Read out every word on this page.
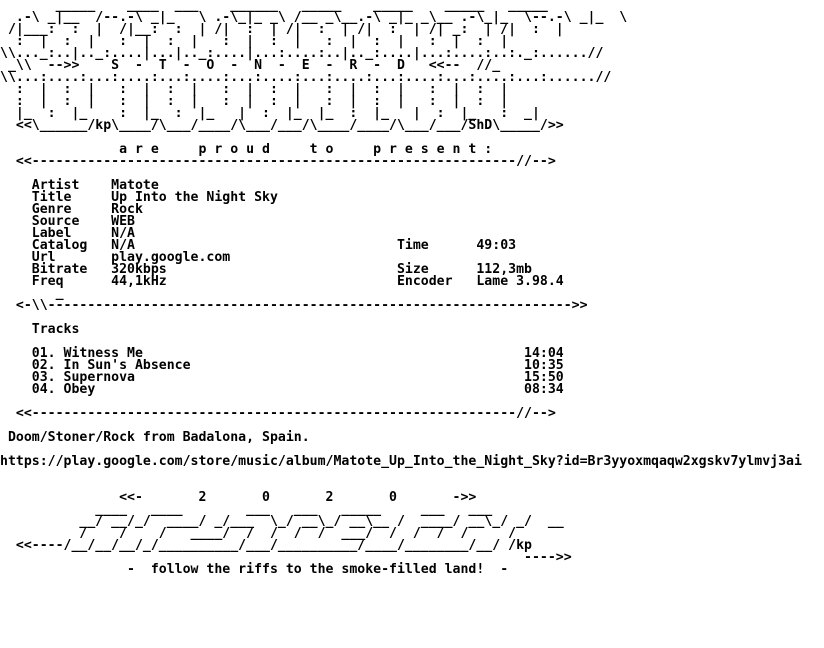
_____    ____  ___    ______   _____    _____    _____   _____
.-\ _|__  /--.-\ _|_   \ .-\_|_ _\ /__ _\__.-\ _|_ _\__ .-\_|_  \--.-\ _|_  \
/|___:  :  |  /|__:  :  | /|  :  | /|  :  | /|  :  | /| _:  | /|  :  |
:  |  :  |   :  |  :  |   :  |  :  |   :  |  :  |   :  |  :  |
\\..._:..|.._:....|...|.._:....|...:....:..|.._:....|...:....:..:._:......//
_\\  -->>    S  -  T  -  O  -  N  -  E  -  R  -  D   <<--  //_
\\...:....:...:....:...:....:...:....:...:....:...:....:...:....:...:......//
:  |  :  |   :  |  :  |   :  |  :  |   :  |  :  |   :  |  :  |
:  |  :  |   :  |  :  |   :  |  :  |   :  |  :  |   :  |  :  |
|_  :  |_    :  |_  :  |_   |  :  |_  |_  :  |_   |  :  |_   :  _|
<<\______/kp\____/\___/____/\___/___/\____/____/\___/___/ShD\_____/>>
a r e     p r o u d     t o     p r e s e n t :
<<-------------------------------------------------------------//-->
Artist    Matote
Title     Up Into the Night Sky
Genre     Rock
Source    WEB
Label     N/A
Catalog   N/A                                 Time      49:03
Url       play.google.com
Bitrate   320kbps                             Size      112,3mb
Freq      44,1kHz                             Encoder   Lame 3.98.4
_
<-\\------------------------------------------------------------------>>
Tracks
01. Witness Me                                                14:04
02. In Sun's Absence                                          10:35
03. Supernova                                                 15:50
04. Obey                                                      08:34
<<-------------------------------------------------------------//-->
Doom/Stoner/Rock from Badalona, Spain.
https://play.google.com/store/music/album/Matote_Up_Into_the_Night_Sky?id=Br3yyoxmqaqw2xgskv7ylmvj3ai
<<-       2       0       2       0       ->>
____   ____        ___   ___   _____     ___   ___
__/ __/_/  ____/ _/___  \_/ __\_/ __\__ /  ____/ __\_/ _/  __
/    /    /   ____/  /  /  /  /  ___/  /  /  /  /     /
<<----/__/__/__/_/__________/___/__________/____/________/__/ /kp
---->>
-  follow the riffs to the smoke-filled land!  -
